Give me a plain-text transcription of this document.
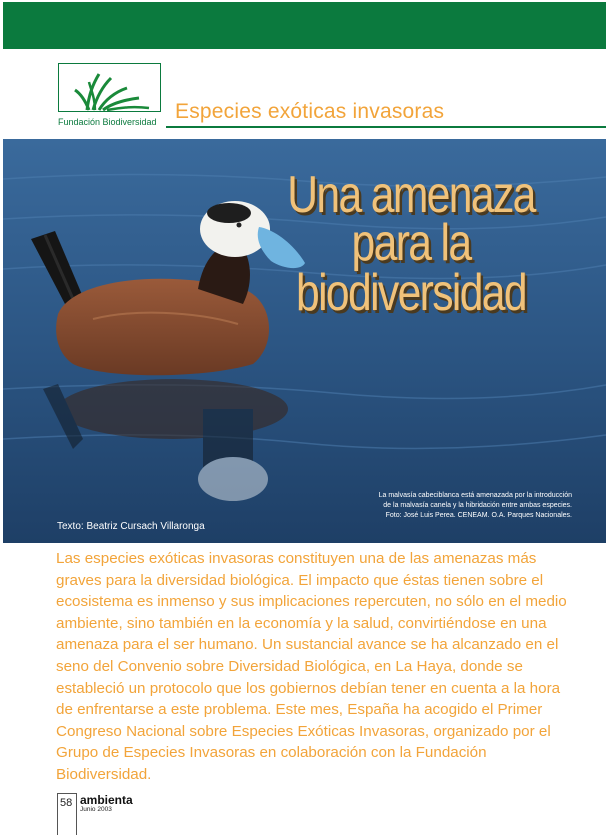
Fundación Biodiversidad Especies exóticas invasoras
Una amenaza
para la
biodiversidad
La malvasía cabeciblanca está amenazada por la introducción de la malvasía canela y la hibridación entre ambas especies. Foto: José Luis Perea. CENEAM. O.A. Parques Nacionales.
Texto: Beatriz Cursach Villaronga
Las especies exóticas invasoras constituyen una de las amenazas más graves para la diversidad biológica. El impacto que éstas tienen sobre el ecosistema es inmenso y sus implicaciones repercuten, no sólo en el medio ambiente, sino también en la economía y la salud, convirtiéndose en una amenaza para el ser humano. Un sustancial avance se ha alcanzado en el seno del Convenio sobre Diversidad Biológica, en La Haya, donde se estableció un protocolo que los gobiernos debían tener en cuenta a la hora de enfrentarse a este problema. Este mes, España ha acogido el Primer Congreso Nacional sobre Especies Exóticas Invasoras, organizado por el Grupo de Especies Invasoras en colaboración con la Fundación Biodiversidad.
58 ambienta
Junio 2003
